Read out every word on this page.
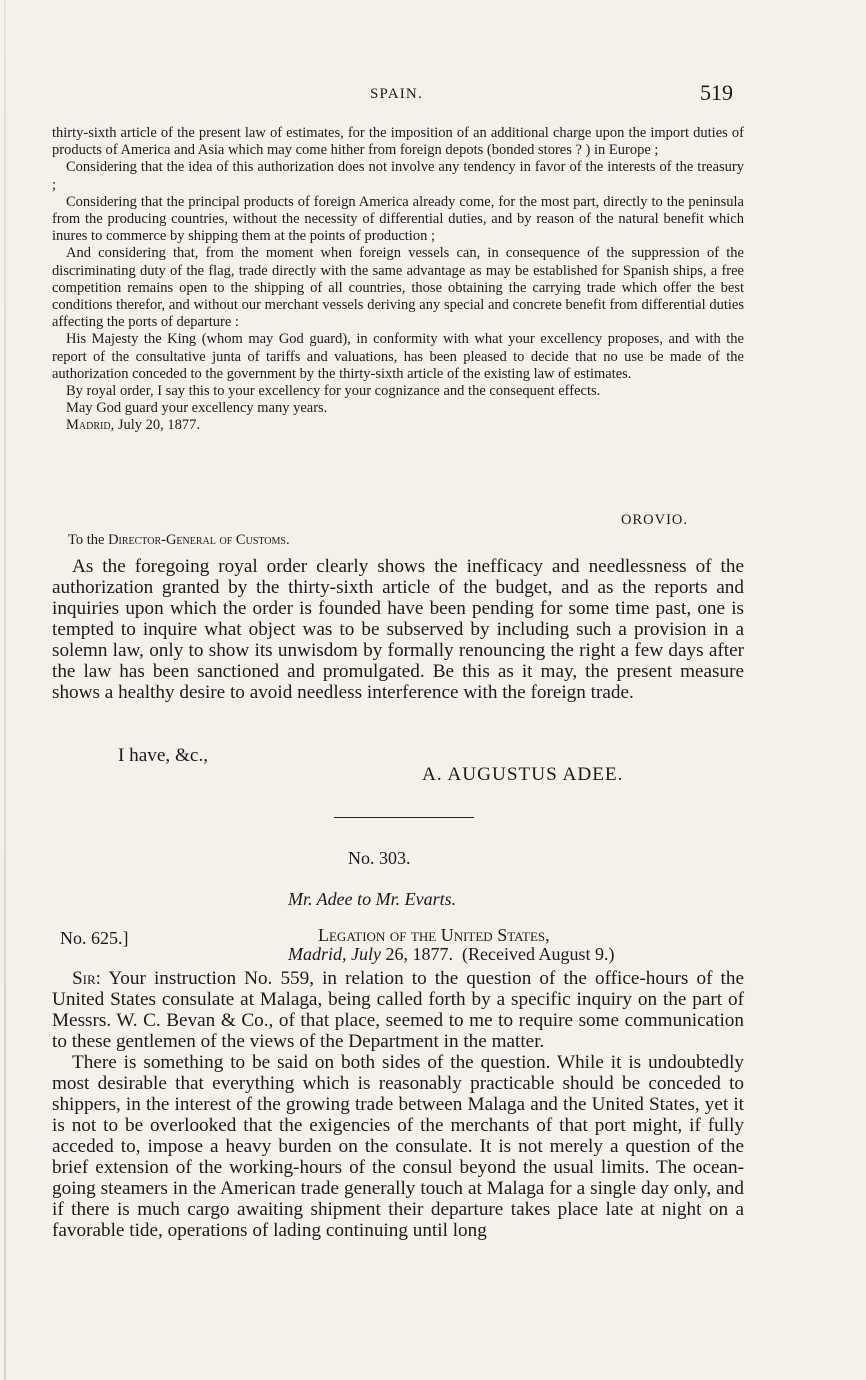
SPAIN.	519

thirty-sixth article of the present law of estimates, for the imposition of an additional charge upon the import duties of products of America and Asia which may come hither from foreign depots (bonded stores ? ) in Europe ;

Considering that the idea of this authorization does not involve any tendency in favor of the interests of the treasury ;

Considering that the principal products of foreign America already come, for the most part, directly to the peninsula from the producing countries, without the necessity of differential duties, and by reason of the natural benefit which inures to commerce by shipping them at the points of production ;

And considering that, from the moment when foreign vessels can, in consequence of the suppression of the discriminating duty of the flag, trade directly with the same advantage as may be established for Spanish ships, a free competition remains open to the shipping of all countries, those obtaining the carrying trade which offer the best conditions therefor, and without our merchant vessels deriving any special and concrete benefit from differential duties affecting the ports of departure :

His Majesty the King (whom may God guard), in conformity with what your excellency proposes, and with the report of the consultative junta of tariffs and valuations, has been pleased to decide that no use be made of the authorization conceded to the government by the thirty-sixth article of the existing law of estimates.

By royal order, I say this to your excellency for your cognizance and the consequent effects.

May God guard your excellency many years.

Madrid, July 20, 1877.

OROVIO.
To the Director-General of Customs.

As the foregoing royal order clearly shows the inefficacy and needlessness of the authorization granted by the thirty-sixth article of the budget, and as the reports and inquiries upon which the order is founded have been pending for some time past, one is tempted to inquire what object was to be subserved by including such a provision in a solemn law, only to show its unwisdom by formally renouncing the right a few days after the law has been sanctioned and promulgated. Be this as it may, the present measure shows a healthy desire to avoid needless interference with the foreign trade.

I have, &c.,
A. AUGUSTUS ADEE.
No. 303.
Mr. Adee to Mr. Evarts.
No. 625.]	Legation of the United States,
Madrid, July 26, 1877. (Received August 9.)

Sir: Your instruction No. 559, in relation to the question of the office-hours of the United States consulate at Malaga, being called forth by a specific inquiry on the part of Messrs. W. C. Bevan & Co., of that place, seemed to me to require some communication to these gentlemen of the views of the Department in the matter.

There is something to be said on both sides of the question. While it is undoubtedly most desirable that everything which is reasonably practicable should be conceded to shippers, in the interest of the growing trade between Malaga and the United States, yet it is not to be overlooked that the exigencies of the merchants of that port might, if fully acceded to, impose a heavy burden on the consulate. It is not merely a question of the brief extension of the working-hours of the consul beyond the usual limits. The ocean-going steamers in the American trade generally touch at Malaga for a single day only, and if there is much cargo awaiting shipment their departure takes place late at night on a favorable tide, operations of lading continuing until long
